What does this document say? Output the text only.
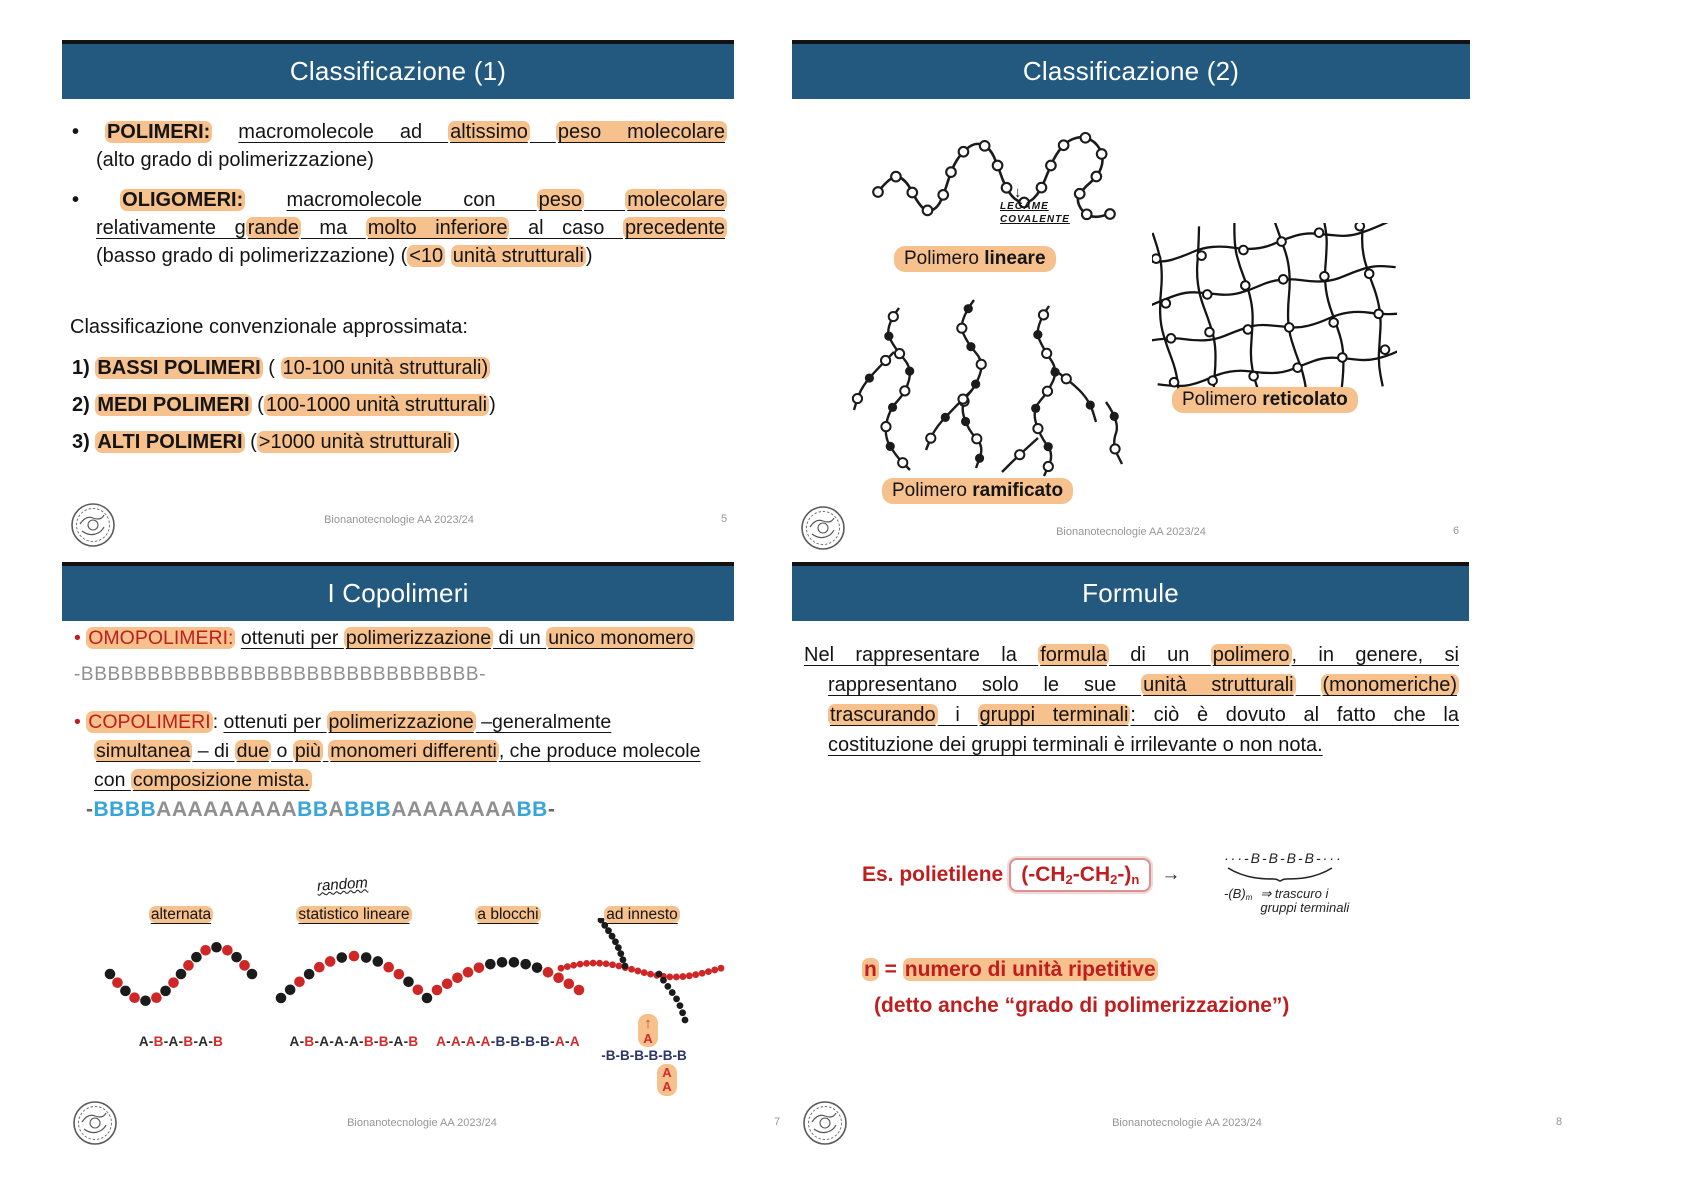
Classificazione (1)
• POLIMERI: macromolecole ad altissimo peso molecolare
(alto grado di polimerizzazione)
• OLIGOMERI: macromolecole con peso molecolare
relativamente g rande ma molto inferiore al caso precedente
(basso grado di polimerizzazione) ( <10 unità strutturali )
Classificazione convenzionale approssimata:
1) BASSI POLIMERI ( 10-100 unità strutturali)
2) MEDI POLIMERI ( 100-1000 unità strutturali )
3) ALTI POLIMERI ( >1000 unità strutturali )
Bionanotecnologie AA 2023/24	5
Classificazione (2)
↓
LEGAME
COVALENTE
Polimero lineare
Polimero reticolato
Polimero ramificato
Bionanotecnologie AA 2023/24	6
I Copolimeri
• OMOPOLIMERI: ottenuti per polimerizzazione di un unico monomero
-BBBBBBBBBBBBBBBBBBBBBBBBBBBBBB-
• COPOLIMERI : ottenuti per polimerizzazione –generalmente
simultanea – di due o più monomeri differenti , che produce molecole
con composizione mista.
-BBBBAAAAAAAAABBABBBAAAAAAAABB-
random
alternata	statistico lineare	a blocchi	ad innesto
A-B-A-B-A-B	A-B-A-A-A-B-B-A-B	A-A-A-A-B-B-B-B-A-A
↑
A
-B-B-B-B-B-B
A
A
Bionanotecnologie AA 2023/24	7
Formule
Nel rappresentare la formula di un polimero , in genere, si
rappresentano solo le sue unità strutturali (monomeriche)
trascurando i gruppi terminali : ciò è dovuto al fatto che la
costituzione dei gruppi terminali è irrilevante o non nota.
Es. polietilene $(-CH_2-CH_2-)_n$	→
···-B-B-B-B-···
$-(B)_m$ ⇒ trascuro i
gruppi terminali
n = numero di unità ripetitive
(detto anche “grado di polimerizzazione”)
Bionanotecnologie AA 2023/24	8
